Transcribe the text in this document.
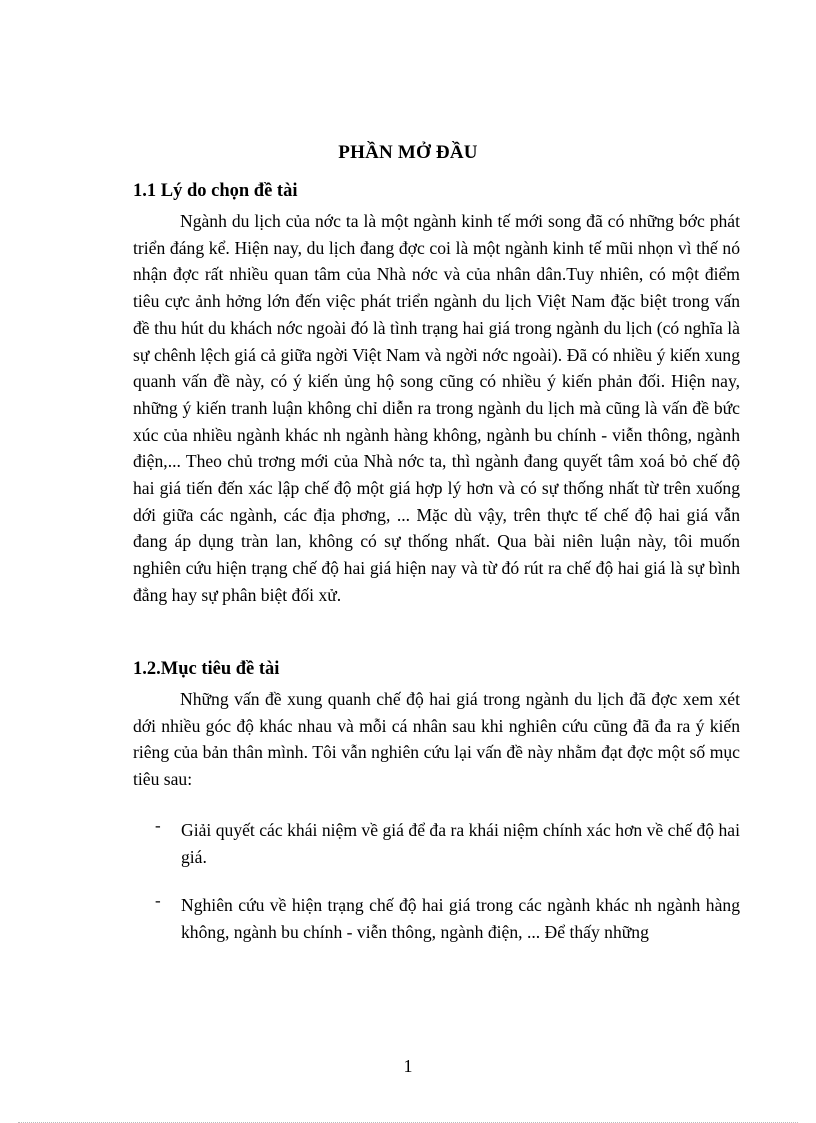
PHẦN MỞ ĐẦU
1.1 Lý do chọn đề tài

Ngành du lịch của nớc ta là một ngành kinh tế mới song đã có những bớc phát triển đáng kể. Hiện nay, du lịch đang đợc coi là một ngành kinh tế mũi nhọn vì thế nó nhận đợc rất nhiều quan tâm của Nhà nớc và của nhân dân.Tuy nhiên, có một điểm tiêu cực ảnh hởng lớn đến việc phát triển ngành du lịch Việt Nam đặc biệt trong vấn đề thu hút du khách nớc ngoài đó là tình trạng hai giá trong ngành du lịch (có nghĩa là sự chênh lệch giá cả giữa ngời Việt Nam và ngời nớc ngoài). Đã có nhiều ý kiến xung quanh vấn đề này, có ý kiến ủng hộ song cũng có nhiều ý kiến phản đối. Hiện nay, những ý kiến tranh luận không chỉ diễn ra trong ngành du lịch mà cũng là vấn đề bức xúc của nhiều ngành khác nh ngành hàng không, ngành bu chính - viễn thông, ngành điện,... Theo chủ trơng mới của Nhà nớc ta, thì ngành đang quyết tâm xoá bỏ chế độ hai giá tiến đến xác lập chế độ một giá hợp lý hơn và có sự thống nhất từ trên xuống dới giữa các ngành, các địa phơng, ... Mặc dù vậy, trên thực tế chế độ hai giá vẫn đang áp dụng tràn lan, không có sự thống nhất. Qua bài niên luận này, tôi muốn nghiên cứu hiện trạng chế độ hai giá hiện nay và từ đó rút ra chế độ hai giá là sự bình đẳng hay sự phân biệt đối xử.

1.2.Mục tiêu đề tài

Những vấn đề xung quanh chế độ hai giá trong ngành du lịch đã đợc xem xét dới nhiều góc độ khác nhau và mỗi cá nhân sau khi nghiên cứu cũng đã đa ra ý kiến riêng của bản thân mình. Tôi vẫn nghiên cứu lại vấn đề này nhằm đạt đợc một số mục tiêu sau:

- Giải quyết các khái niệm về giá để đa ra khái niệm chính xác hơn về chế độ hai giá.
- Nghiên cứu về hiện trạng chế độ hai giá trong các ngành khác nh ngành hàng không, ngành bu chính - viễn thông, ngành điện, ... Để thấy những
1
